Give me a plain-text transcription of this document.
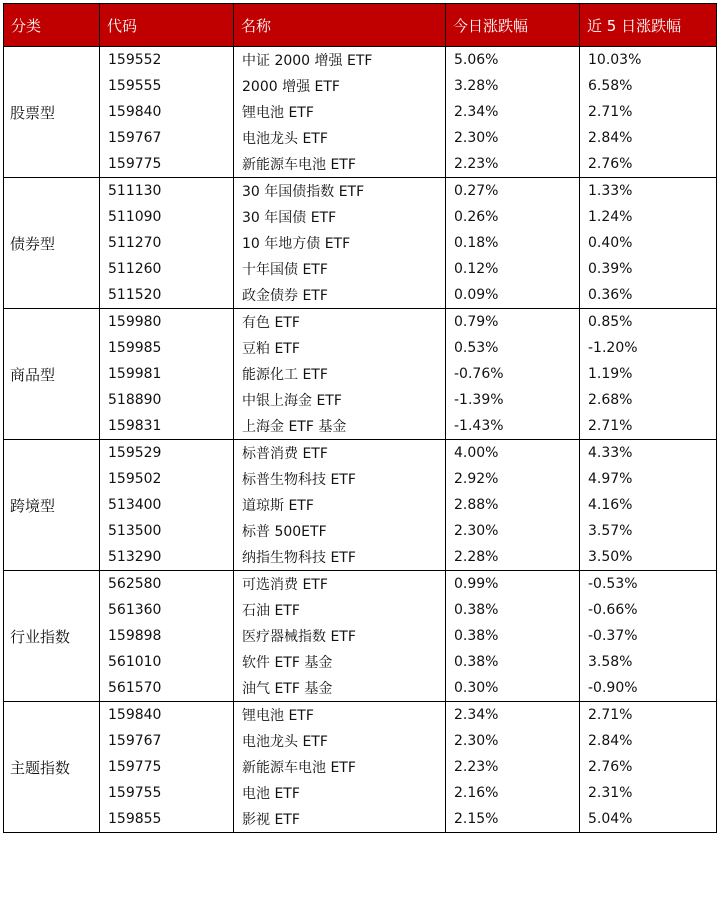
分类	代码	名称	今日涨跌幅	近 5 日涨跌幅
股票型	159552	中证 2000 增强 ETF	5.06%	10.03%
	159555	2000 增强 ETF	3.28%	6.58%
	159840	锂电池 ETF	2.34%	2.71%
	159767	电池龙头 ETF	2.30%	2.84%
	159775	新能源车电池 ETF	2.23%	2.76%
债券型	511130	30 年国债指数 ETF	0.27%	1.33%
	511090	30 年国债 ETF	0.26%	1.24%
	511270	10 年地方债 ETF	0.18%	0.40%
	511260	十年国债 ETF	0.12%	0.39%
	511520	政金债券 ETF	0.09%	0.36%
商品型	159980	有色 ETF	0.79%	0.85%
	159985	豆粕 ETF	0.53%	-1.20%
	159981	能源化工 ETF	-0.76%	1.19%
	518890	中银上海金 ETF	-1.39%	2.68%
	159831	上海金 ETF 基金	-1.43%	2.71%
跨境型	159529	标普消费 ETF	4.00%	4.33%
	159502	标普生物科技 ETF	2.92%	4.97%
	513400	道琼斯 ETF	2.88%	4.16%
	513500	标普 500ETF	2.30%	3.57%
	513290	纳指生物科技 ETF	2.28%	3.50%
行业指数	562580	可选消费 ETF	0.99%	-0.53%
	561360	石油 ETF	0.38%	-0.66%
	159898	医疗器械指数 ETF	0.38%	-0.37%
	561010	软件 ETF 基金	0.38%	3.58%
	561570	油气 ETF 基金	0.30%	-0.90%
主题指数	159840	锂电池 ETF	2.34%	2.71%
	159767	电池龙头 ETF	2.30%	2.84%
	159775	新能源车电池 ETF	2.23%	2.76%
	159755	电池 ETF	2.16%	2.31%
	159855	影视 ETF	2.15%	5.04%
